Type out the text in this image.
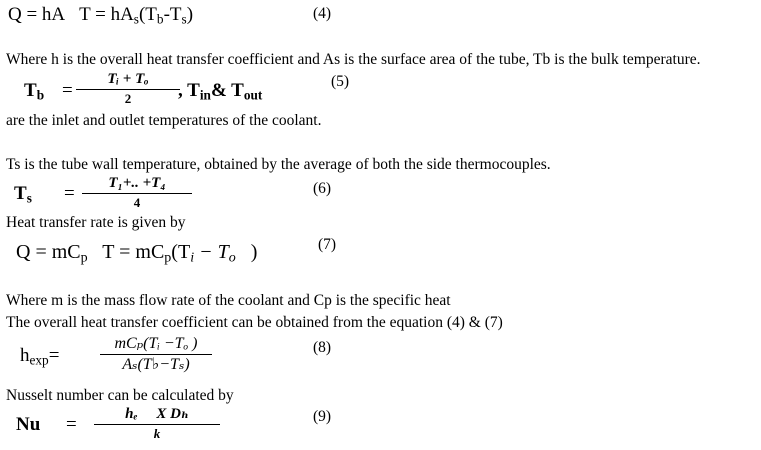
Q = hA $T = hA_s(T_b-T_s)$	(4)
Where h is the overall heat transfer coefficient and As is the surface area of the tube, Tb is the bulk temperature.
$T_b$ =
Tᵢ + Tₒ
2	, $T_{in}\&$ $T_{out}$
(5)
are the inlet and outlet temperatures of the coolant.
Ts is the tube wall temperature, obtained by the average of both the side thermocouples.
$T_s$ =	T₁+.. +T₄
4
(6)
Heat transfer rate is given by
$Q = mC_p$ $T = mC_p(T_i - T_o$ )	(7)
Where m is the mass flow rate of the coolant and Cp is the specific heat
The overall heat transfer coefficient can be obtained from the equation (4) & (7)
$h_{exp}=$
mCₚ(Tᵢ −Tₒ )
Aₛ(T♭−Tₛ)
(8)
Nusselt number can be calculated by
Nu =	hₑ     X Dₕ
k
(9)
